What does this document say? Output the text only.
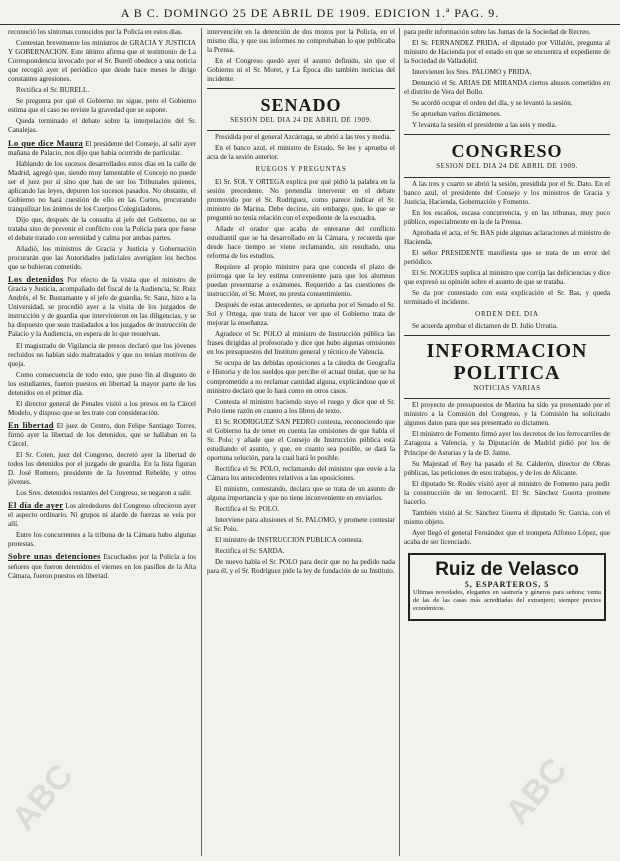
A B C. DOMINGO 25 DE ABRIL DE 1909. EDICION 1.ª PAG. 9.

reconoció los síntomas conocidos por la Policía en estos días.

Contestan brevemente los ministros de GRACIA Y JUSTICIA Y GOBERNACION. Este último afirma que el testimonio de La Correspondencia invocado por el Sr. Burell obedece a una noticia que recogió ayer el periódico que desde hace meses le dirige constantes agresiones.

Rectifica el Sr. BURELL.

Se pregunta por qué el Gobierno no sigue, pero el Gobierno estima que el caso no reviste la gravedad que se supone.

Queda terminado el debate sobre la interpelación del Sr. Canalejas.

Lo que dice Maura El presidente del Consejo, al salir ayer mañana de Palacio, nos dijo que había ocurrido de particular.

Hablando de los sucesos desarrollados estos días en la calle de Madrid, agregó que, siendo muy lamentable el Concejo no puede ser el juez por sí sino que han de ser los Tribunales quienes, aplicando las leyes, depuren los sucesos pasados. No obstante, el Gobierno no hará cuestión de ello en las Cortes, procurando tranquilizar los ánimos de los Cuerpos Colegisladores.

Dijo que, después de la consulta al jefe del Gobierno, no se trataba sino de prevenir el conflicto con la Policía para que fuese el debate tratado con serenidad y calma por ambas partes.

Añadió, los ministros de Gracia y Justicia y Gobernación procurarán que las Autoridades judiciales averigüen los hechos que se hubieran cometido.

Los detenidos Por efecto de la visita que el ministro de Gracia y Justicia, acompañado del fiscal de la Audiencia, Sr. Ruiz Andrés, el Sr. Bustamante y el jefe de guardia, Sr. Sanz, hizo a la Universidad, se procedió ayer a la visita de los juzgados de instrucción y de guardia que intervinieron en las diligencias, y se ha dispuesto que sean trasladados a los juzgados de instrucción de Palacio y la Audiencia, en espera de lo que resuelvan.

El magistrado de Vigilancia de presos declaró que los jóvenes recluidos no habían sido maltratados y que no tenían motivos de queja.

Como consecuencia de todo esto, que puso fin al disgusto de los estudiantes, fueron puestos en libertad la mayor parte de los detenidos en el primer día.

El director general de Penales visitó a los presos en la Cárcel Modelo, y dispuso que se les trate con consideración.

En libertad El juez de Centro, don Felipe Santiago Torres, firmó ayer la libertad de los detenidos, que se hallaban en la Cárcel.

El Sr. Coten, juez del Congreso, decretó ayer la libertad de todos los detenidos por el juzgado de guardia. En la lista figuran D. José Romero, presidente de la Juventud Rebelde, y otros jóvenes.

Los Sres. detenidos restantes del Congreso, se negaron a salir.

El día de ayer Los alrededores del Congreso ofrecieron ayer el aspecto ordinario. Ni grupos ni alarde de fuerzas se veía por allí.

Entre los concurrentes a la tribuna de la Cámara hubo algunas protestas.

Sobre unas detenciones Escuchados por la Policía a los señores que fueron detenidos el viernes en los pasillos de la Alta Cámara, fueron puestos en libertad.

intervención en la detención de dos mozos por la Policía, en el mismo día, y que sus informes no comprobaban lo que publicaba la Prensa.

En el Congreso quedó ayer el asunto definido, sin que el Gobierno ni el Sr. Moret, y La Época dio también noticias del incidente.

SENADO
SESION DEL DIA 24 DE ABRIL DE 1909.

Presidida por el general Azcárraga, se abrió a las tres y media.

En el banco azul, el ministro de Estado. Se lee y aprueba el acta de la sesión anterior.

RUEGOS Y PREGUNTAS

El Sr. SOL Y ORTEGA explica por qué pidió la palabra en la sesión precedente. No pretendía intervenir en el debate promovido por el Sr. Rodríguez, como parece indicar el Sr. ministro de Marina. Debe decirse, sin embargo, que, lo que se preguntó no tenía relación con el expediente de la escuadra.

Añade el orador que acaba de enterarse del conflicto estudiantil que se ha desarrollado en la Cámara, y recuerda que desde hace tiempo se viene reclamando, sin resultado, una reforma de los estudios.

Requiere al propio ministro para que conceda el plazo de prórroga que la ley estima conveniente para que los alumnos puedan presentarse a exámenes. Requerido a las cuestiones de instrucción, el Sr. Moret, no presta consentimiento.

Después de estas antecedentes, se aprueba por el Senado el Sr. Sol y Ortega, que trata de hacer ver que el Gobierno trata de mejorar la enseñanza.

Agradece el Sr. POLO al ministro de Instrucción pública las frases dirigidas al profesorado y dice que hubo algunas omisiones en los presupuestos del Instituto general y técnico de Valencia.

Se ocupa de las debidas oposiciones a la cátedra de Geografía e Historia y de los sueldos que percibe el actual titular, que se ha comprometido a no reclamar cantidad alguna, explicándose que el ministro declaró que lo hará como en otros casos.

Contesta el ministro haciendo suyo el ruego y dice que el Sr. Polo tiene razón en cuanto a los libros de texto.

El Sr. RODRIGUEZ SAN PEDRO contesta, reconociendo que el Gobierno ha de tener en cuenta las omisiones de que habla el Sr. Polo; y añade que el Consejo de Instrucción pública está estudiando el asunto, y que, en cuanto sea posible, se dará la oportuna solución, para la cual hará lo posible.

Rectifica el Sr. POLO, reclamando del ministro que envíe a la Cámara los antecedentes relativos a las oposiciones.

El ministro, contestando, declara que se trata de un asunto de alguna importancia y que no tiene inconveniente en enviarlos.

Rectifica el Sr. POLO.

Interviene para alusiones el Sr. PALOMO, y promete contestar al Sr. Polo.

El ministro de INSTRUCCION PUBLICA contesta.

Rectifica el Sr. SARDA.

De nuevo habla el Sr. POLO para decir que no ha pedido nada para él, y el Sr. Rodríguez pide la ley de fundación de su Instituto.

para pedir información sobre las Juntas de la Sociedad de Recreo.

El Sr. FERNANDEZ PRIDA, el diputado por Villalón, pregunta al ministro de Hacienda por el estado en que se encuentra el expediente de la Sociedad de Valladolid.

Intervienen los Sres. PALOMO y PRIDA.

Denunció el Sr. ARIAS DE MIRANDA ciertos abusos cometidos en el distrito de Vera del Bollo.

Se acordó ocupar el orden del día, y se levantó la sesión.

Se aprueban varios dictámenes.

Y levanta la sesión el presidente a las seis y media.

CONGRESO
SESION DEL DIA 24 DE ABRIL DE 1909.

A las tres y cuarto se abrió la sesión, presidida por el Sr. Dato. En el banco azul, el presidente del Consejo y los ministros de Gracia y Justicia, Hacienda, Gobernación y Fomento.

En los escaños, escasa concurrencia, y en las tribunas, muy poco público, especialmente en la de la Prensa.

Aprobada el acta, el Sr. BAS pide algunas aclaraciones al ministro de Hacienda.

El señor PRESIDENTE manifiesta que se trata de un error del periódico.

El Sr. NOGUES suplica al ministro que corrija las deficiencias y dice que expresó su opinión sobre el asunto de que se trataba.

Se da por contestado con esta explicación el Sr. Bas, y queda terminado el incidente.

ORDEN DEL DIA

Se acuerda aprobar el dictamen de D. Julio Urrutia.

INFORMACION POLITICA
NOTICIAS VARIAS

El proyecto de presupuestos de Marina ha sido ya presentado por el ministro a la Comisión del Congreso, y la Comisión ha solicitado algunos datos para que sea presentado su dictamen.

El ministro de Fomento firmó ayer los decretos de los ferrocarriles de Zaragoza a Valencia, y la Diputación de Madrid pidió por los de Príncipe de Asturias y la de D. Jaime.

Su Majestad el Rey ha pasado el Sr. Calderón, director de Obras públicas, las peticiones de esos trabajos, y de los de Alicante.

El diputado Sr. Rodés visitó ayer al ministro de Fomento para pedir la construcción de un ferrocarril. El Sr. Sánchez Guerra promete hacerlo.

También visitó al Sr. Sánchez Guerra el diputado Sr. Garcia, con el mismo objeto.

Ayer llegó el general Fernández que el trompeta Alfonso López, que acaba de ser licenciado.

Ruiz de Velasco
5, ESPARTEROS, 5

Ultimas novedades, elegantes en sastrería y géneros para señora; venta de las de las casas más acreditadas del extranjero; siempre precios económicos.

ABC	ABC
